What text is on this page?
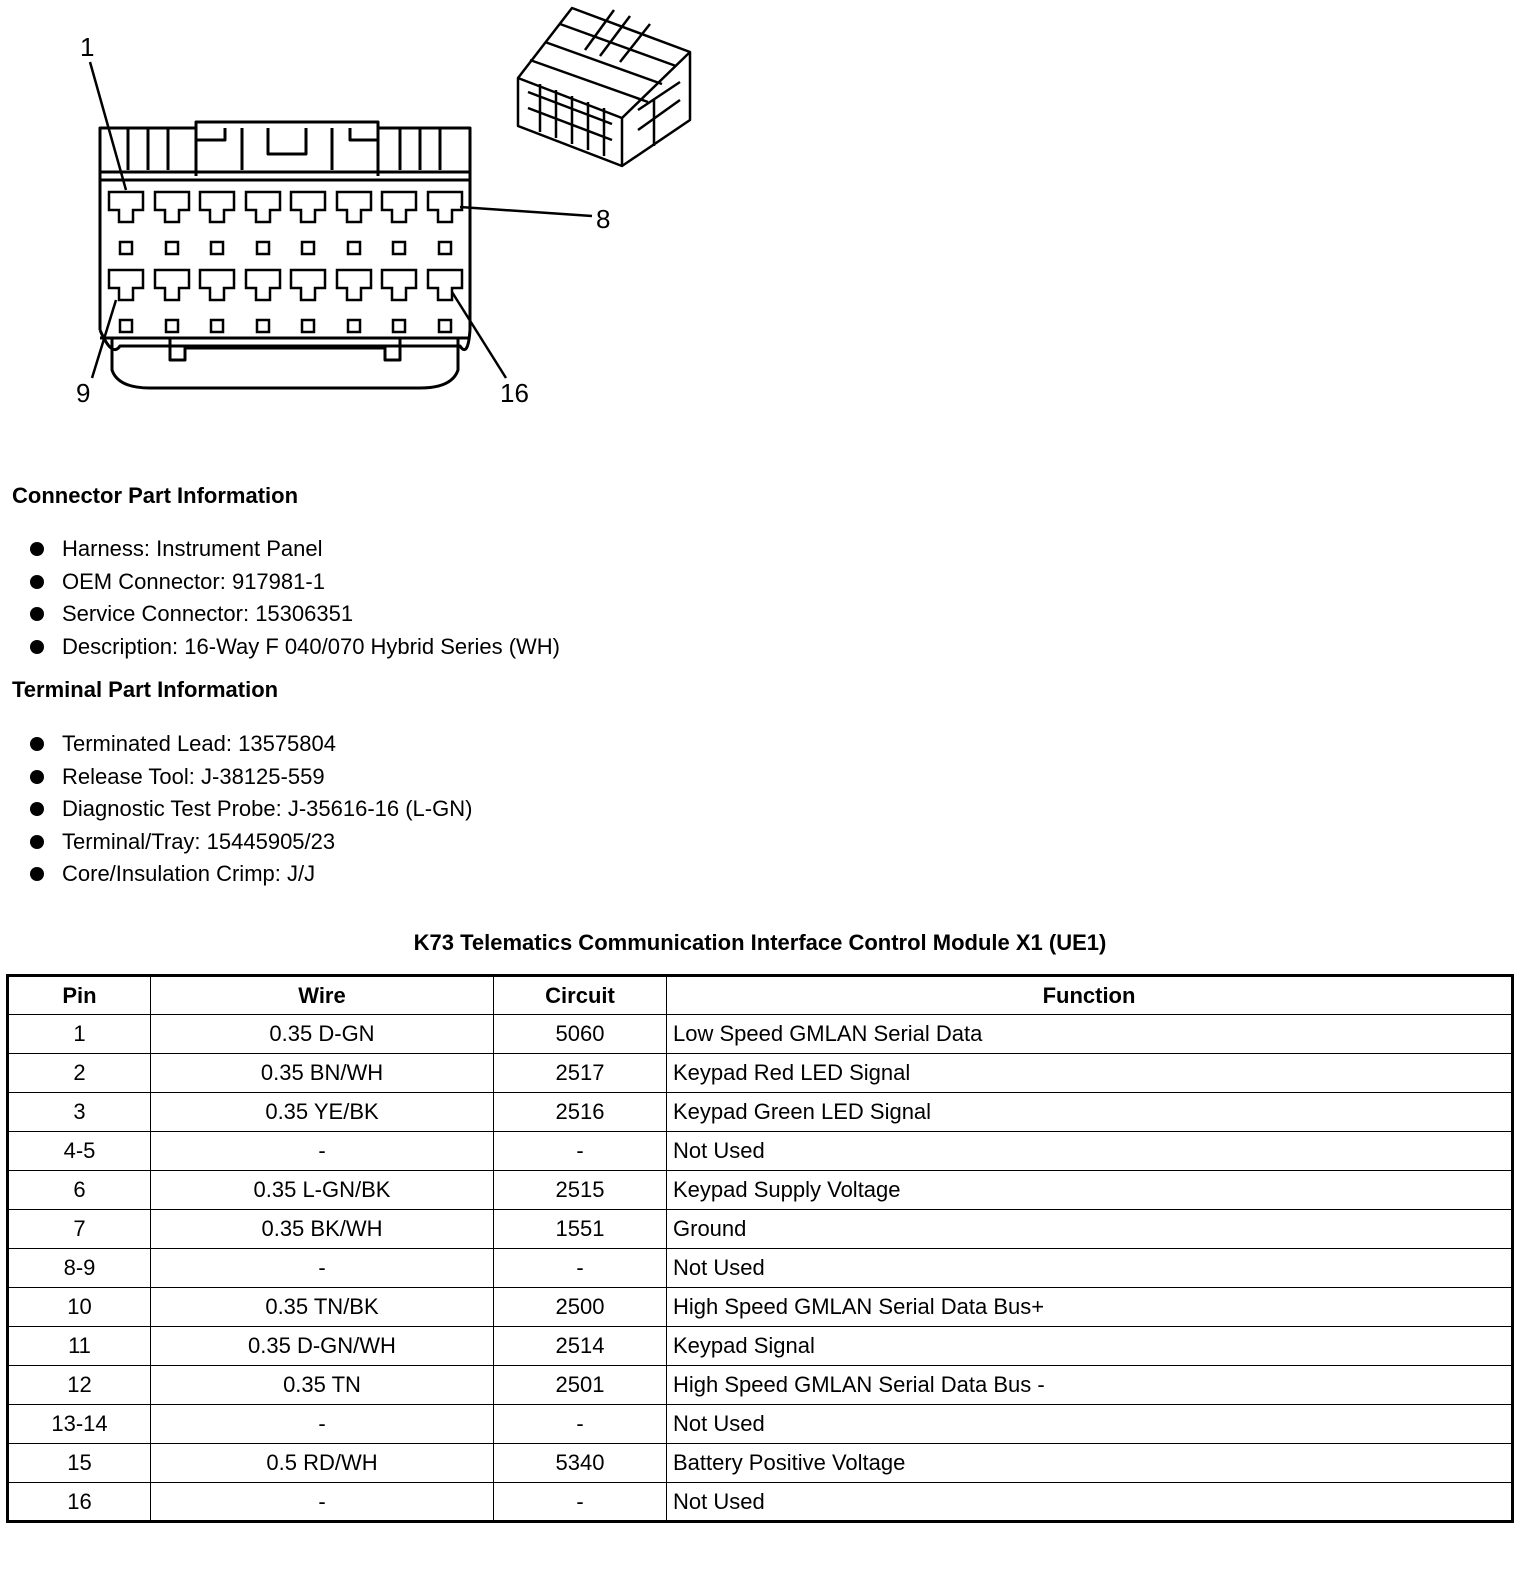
1
8
9	16
Connector Part Information
Harness: Instrument Panel
OEM Connector: 917981-1
Service Connector: 15306351
Description: 16-Way F 040/070 Hybrid Series (WH)
Terminal Part Information
Terminated Lead: 13575804
Release Tool: J-38125-559
Diagnostic Test Probe: J-35616-16 (L-GN)
Terminal/Tray: 15445905/23
Core/Insulation Crimp: J/J
K73 Telematics Communication Interface Control Module X1 (UE1)
Pin	Wire	Circuit	Function
1	0.35 D-GN	5060	Low Speed GMLAN Serial Data
2	0.35 BN/WH	2517	Keypad Red LED Signal
3	0.35 YE/BK	2516	Keypad Green LED Signal
4-5	-	-	Not Used
6	0.35 L-GN/BK	2515	Keypad Supply Voltage
7	0.35 BK/WH	1551	Ground
8-9	-	-	Not Used
10	0.35 TN/BK	2500	High Speed GMLAN Serial Data Bus+
11	0.35 D-GN/WH	2514	Keypad Signal
12	0.35 TN	2501	High Speed GMLAN Serial Data Bus -
13-14	-	-	Not Used
15	0.5 RD/WH	5340	Battery Positive Voltage
16	-	-	Not Used
